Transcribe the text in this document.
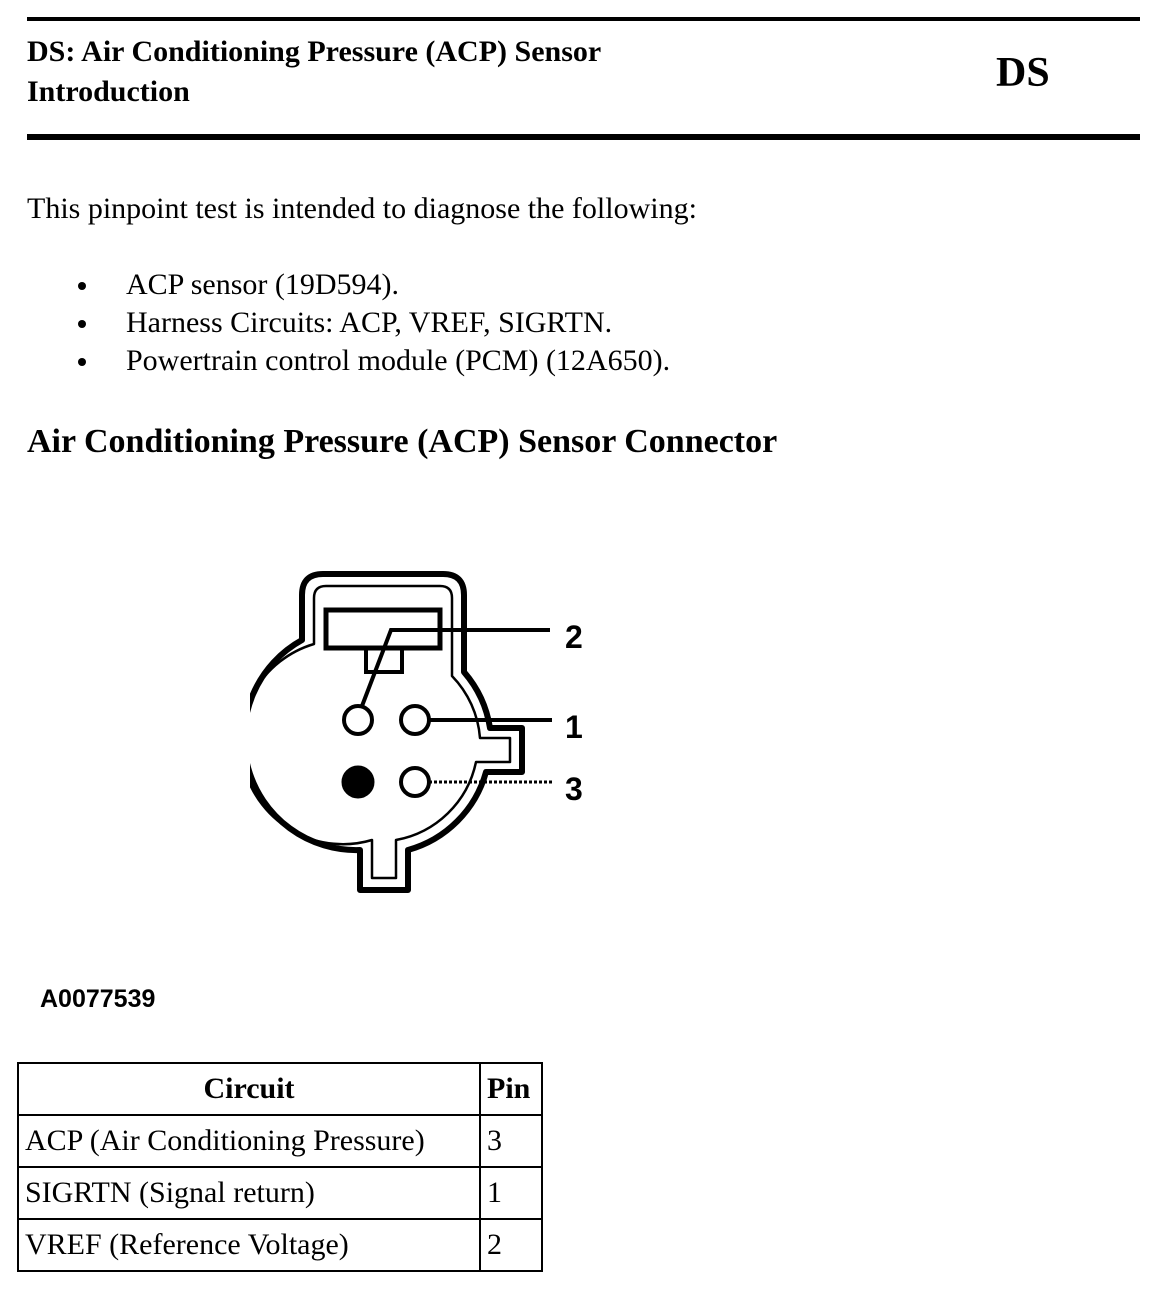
DS: Air Conditioning Pressure (ACP) Sensor
Introduction	DS
This pinpoint test is intended to diagnose the following:
ACP sensor (19D594).
Harness Circuits: ACP, VREF, SIGRTN.
Powertrain control module (PCM) (12A650).
Air Conditioning Pressure (ACP) Sensor Connector
2
1
3
A0077539
Circuit	Pin
ACP (Air Conditioning Pressure)	3
SIGRTN (Signal return)	1
VREF (Reference Voltage)	2
